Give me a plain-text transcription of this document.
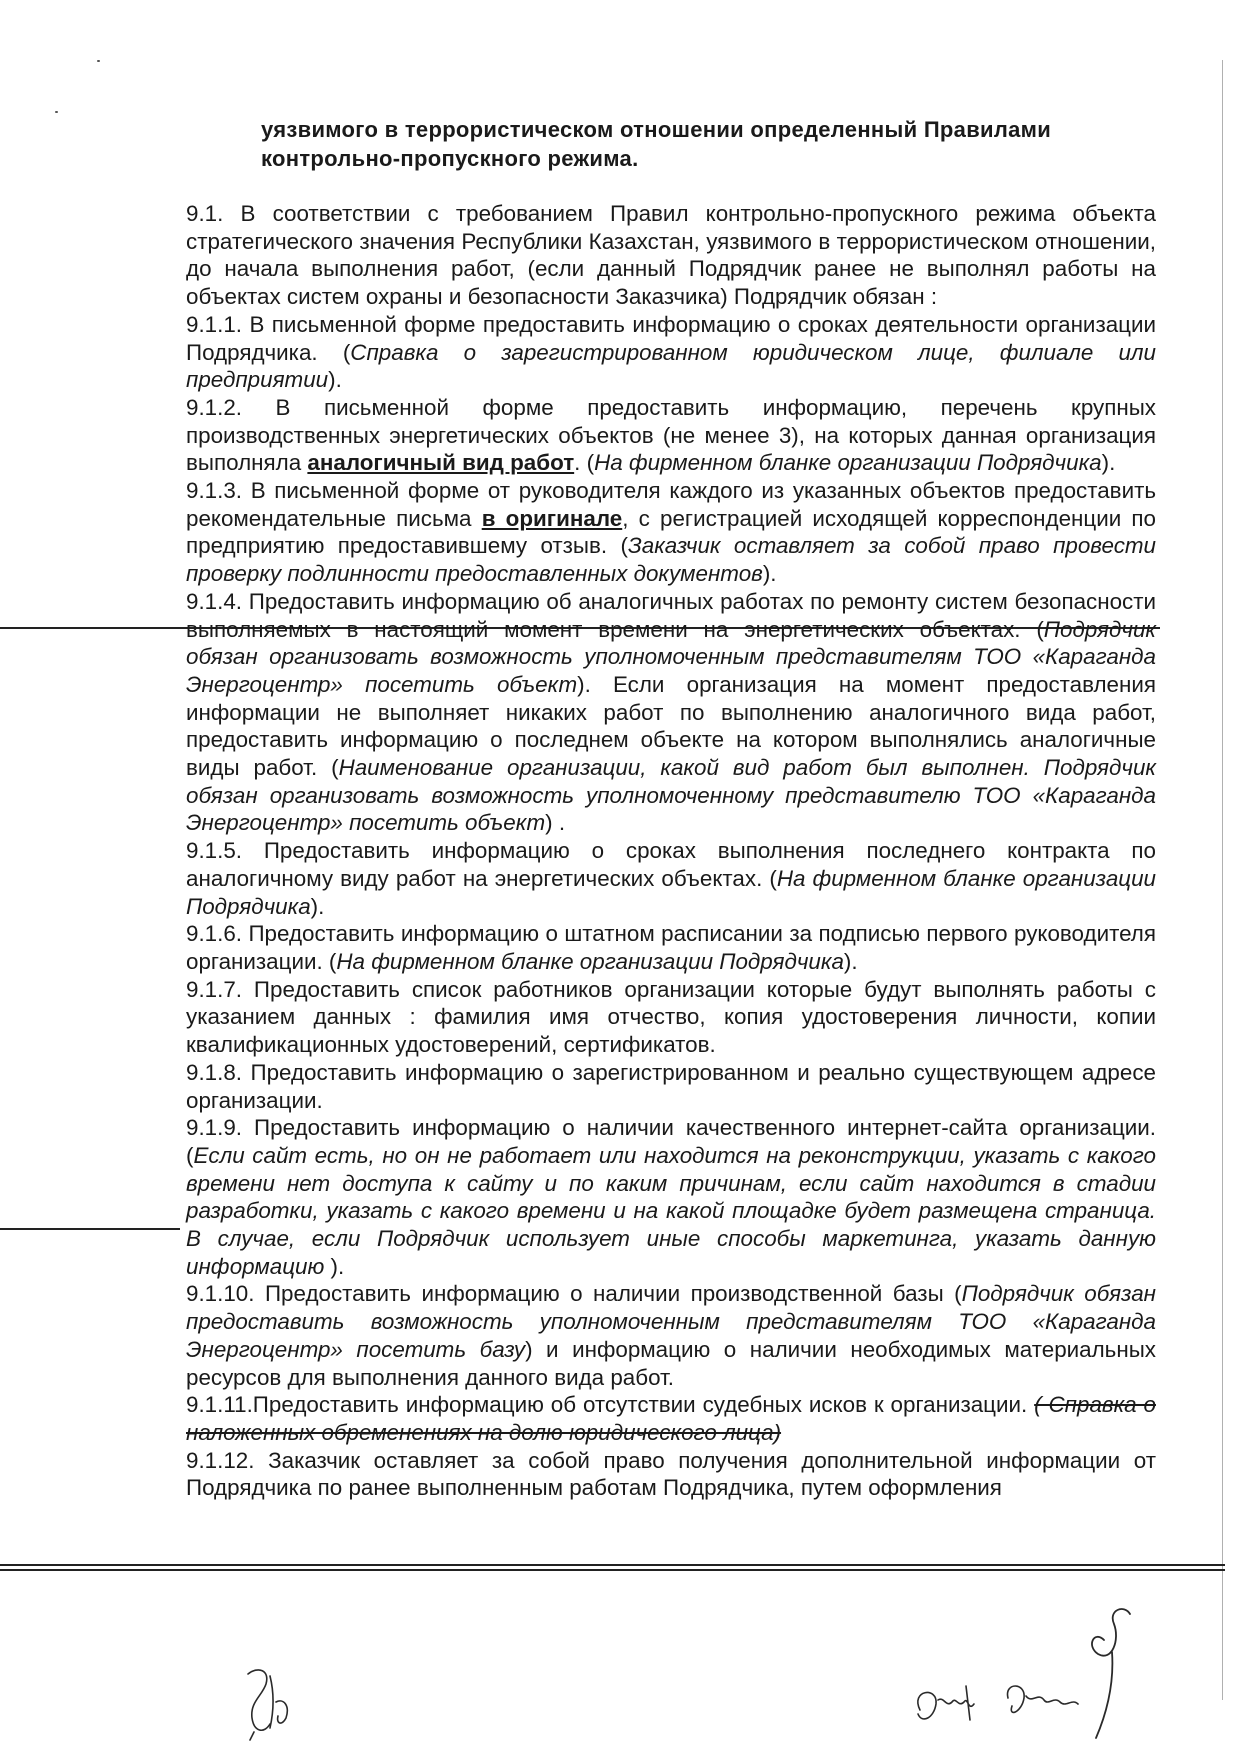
уязвимого в террористическом отношении определенный Правилами
контрольно-пропускного режима.

9.1. В соответствии с требованием Правил контрольно-пропускного режима объекта стратегического значения Республики Казахстан, уязвимого в террористическом отношении, до начала выполнения работ, (если данный Подрядчик ранее не выполнял работы на объектах систем охраны и безопасности Заказчика) Подрядчик обязан :

9.1.1. В письменной форме предоставить информацию о сроках деятельности организации Подрядчика. (Справка о зарегистрированном юридическом лице, филиале или предприятии).

9.1.2. В письменной форме предоставить информацию, перечень крупных производственных энергетических объектов (не менее 3), на которых данная организация выполняла аналогичный вид работ. (На фирменном бланке организации Подрядчика).

9.1.3. В письменной форме от руководителя каждого из указанных объектов предоставить рекомендательные письма в оригинале, с регистрацией исходящей корреспонденции по предприятию предоставившему отзыв. (Заказчик оставляет за собой право провести проверку подлинности предоставленных документов).

9.1.4. Предоставить информацию об аналогичных работах по ремонту систем безопасности выполняемых в настоящий момент времени на энергетических объектах. (Подрядчик обязан организовать возможность уполномоченным представителям ТОО «Караганда Энергоцентр» посетить объект). Если организация на момент предоставления информации не выполняет никаких работ по выполнению аналогичного вида работ, предоставить информацию о последнем объекте на котором выполнялись аналогичные виды работ. (Наименование организации, какой вид работ был выполнен. Подрядчик обязан организовать возможность уполномоченному представителю ТОО «Караганда Энергоцентр» посетить объект) .

9.1.5. Предоставить информацию о сроках выполнения последнего контракта по аналогичному виду работ на энергетических объектах. (На фирменном бланке организации Подрядчика).

9.1.6. Предоставить информацию о штатном расписании за подписью первого руководителя организации. (На фирменном бланке организации Подрядчика).

9.1.7. Предоставить список работников организации которые будут выполнять работы с указанием данных : фамилия имя отчество, копия удостоверения личности, копии квалификационных удостоверений, сертификатов.

9.1.8. Предоставить информацию о зарегистрированном и реально существующем адресе организации.

9.1.9. Предоставить информацию о наличии качественного интернет-сайта организации. (Если сайт есть, но он не работает или находится на реконструкции, указать с какого времени нет доступа к сайту и по каким причинам, если сайт находится в стадии разработки, указать с какого времени и на какой площадке будет размещена страница. В случае, если Подрядчик использует иные способы маркетинга, указать данную информацию ).

9.1.10. Предоставить информацию о наличии производственной базы (Подрядчик обязан предоставить возможность уполномоченным представителям ТОО «Караганда Энергоцентр» посетить базу) и информацию о наличии необходимых материальных ресурсов для выполнения данного вида работ.

9.1.11.Предоставить информацию об отсутствии судебных исков к организации. ( Справка о наложенных обременениях на долю юридического лица)

9.1.12. Заказчик оставляет за собой право получения дополнительной информации от Подрядчика по ранее выполненным работам Подрядчика, путем оформления
